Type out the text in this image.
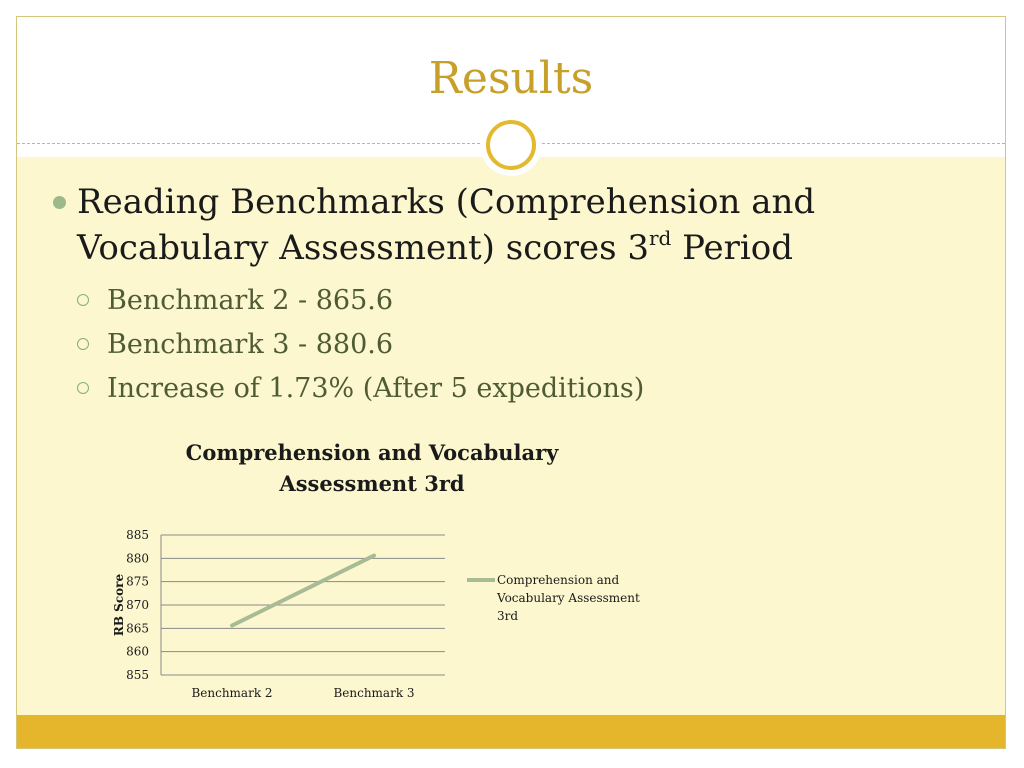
Results
Reading Benchmarks (Comprehension and Vocabulary Assessment) scores 3rd Period
Benchmark 2 - 865.6
Benchmark 3 - 880.6
Increase of 1.73% (After 5 expeditions)
Comprehension and Vocabulary Assessment 3rd
885
880
875
870
865
860
855
RB Score
Benchmark 2	Benchmark 3
Comprehension and Vocabulary Assessment 3rd
